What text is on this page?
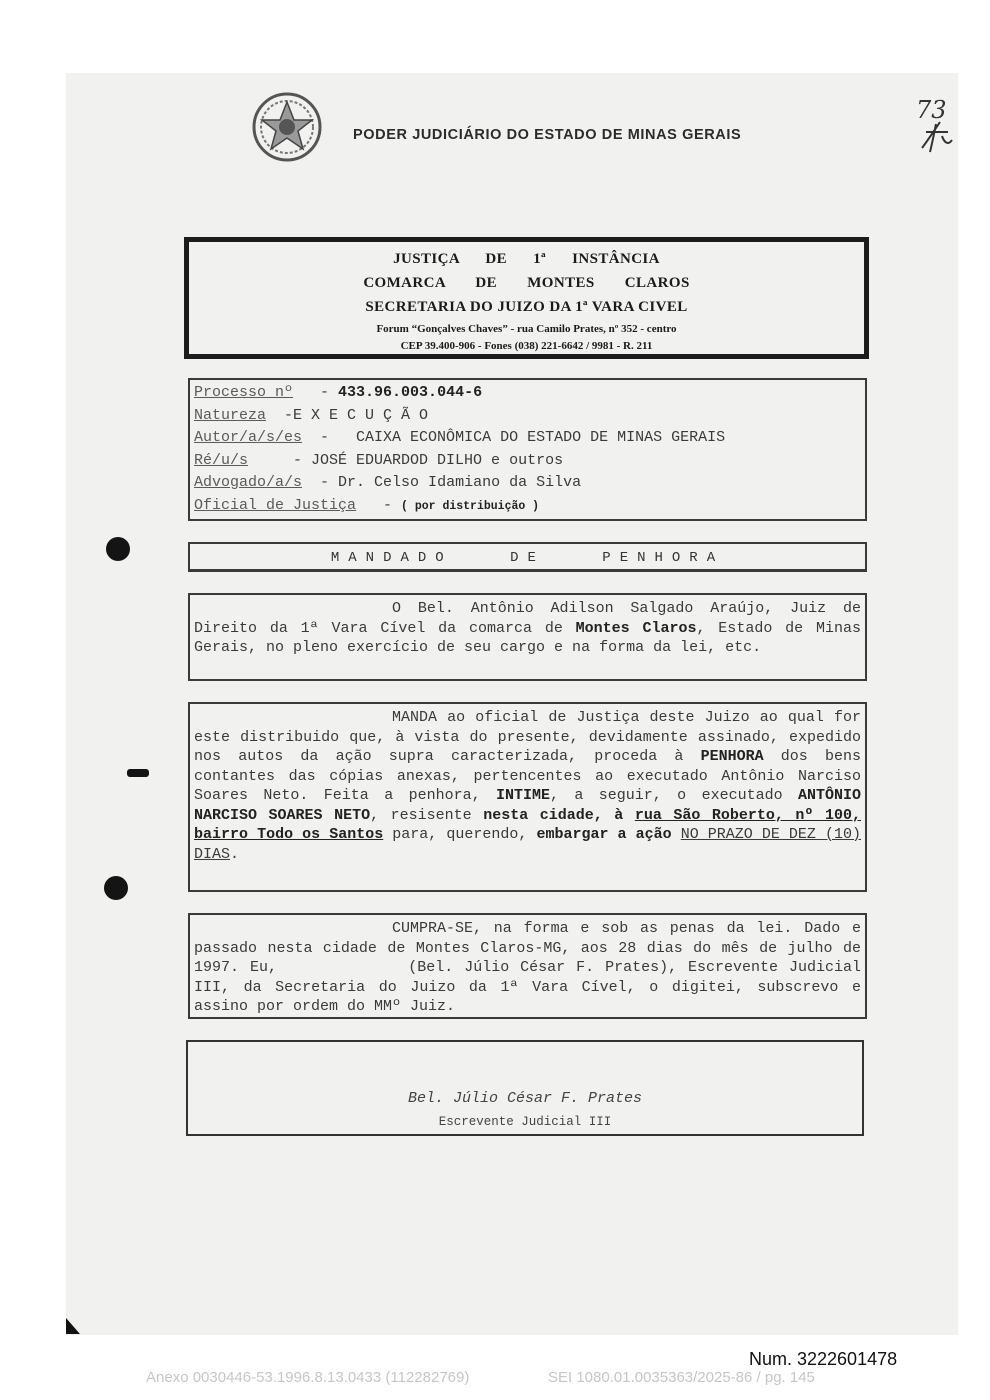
PODER JUDICIÁRIO DO ESTADO DE MINAS GERAIS
73
JUSTIÇA DE 1ª INSTÂNCIA
COMARCA DE MONTES CLAROS
SECRETARIA DO JUIZO DA 1ª VARA CIVEL
Forum “Gonçalves Chaves” - rua Camilo Prates, nº 352 - centro
CEP 39.400-906 - Fones (038) 221-6642 / 9981 - R. 211
Processo nº   - 433.96.003.044-6
Natureza  -E X E C U Ç Ã O
Autor/a/s/es  -   CAIXA ECONÔMICA DO ESTADO DE MINAS GERAIS
Ré/u/s     - JOSÉ EDUARDOD DILHO e outros
Advogado/a/s  - Dr. Celso Idamiano da Silva
Oficial de Justiça   - ( por distribuição )
MANDADO DE PENHORA

O Bel. Antônio Adilson Salgado Araújo, Juiz de Direito da 1ª Vara Cível da comarca de Montes Claros, Estado de Minas Gerais, no pleno exercício de seu cargo e na forma da lei, etc.

MANDA ao oficial de Justiça deste Juizo ao qual for este distribuido que, à vista do presente, devidamente assinado, expedido nos autos da ação supra caracterizada, proceda à PENHORA dos bens contantes das cópias anexas, pertencentes ao executado Antônio Narciso Soares Neto. Feita a penhora, INTIME, a seguir, o executado ANTÔNIO NARCISO SOARES NETO, resisente nesta cidade, à rua São Roberto, nº 100, bairro Todo os Santos para, querendo, embargar a ação NO PRAZO DE DEZ (10) DIAS.

CUMPRA-SE, na forma e sob as penas da lei. Dado e passado nesta cidade de Montes Claros-MG, aos 28 dias do mês de julho de 1997. Eu,            (Bel. Júlio César F. Prates), Escrevente Judicial III, da Secretaria do Juizo da 1ª Vara Cível, o digitei, subscrevo e assino por ordem do MMº Juiz.

Bel. Júlio César F. Prates
Escrevente Judicial III
Num. 3222601478
Anexo 0030446-53.1996.8.13.0433 (112282769)	SEI 1080.01.0035363/2025-86 / pg. 145
